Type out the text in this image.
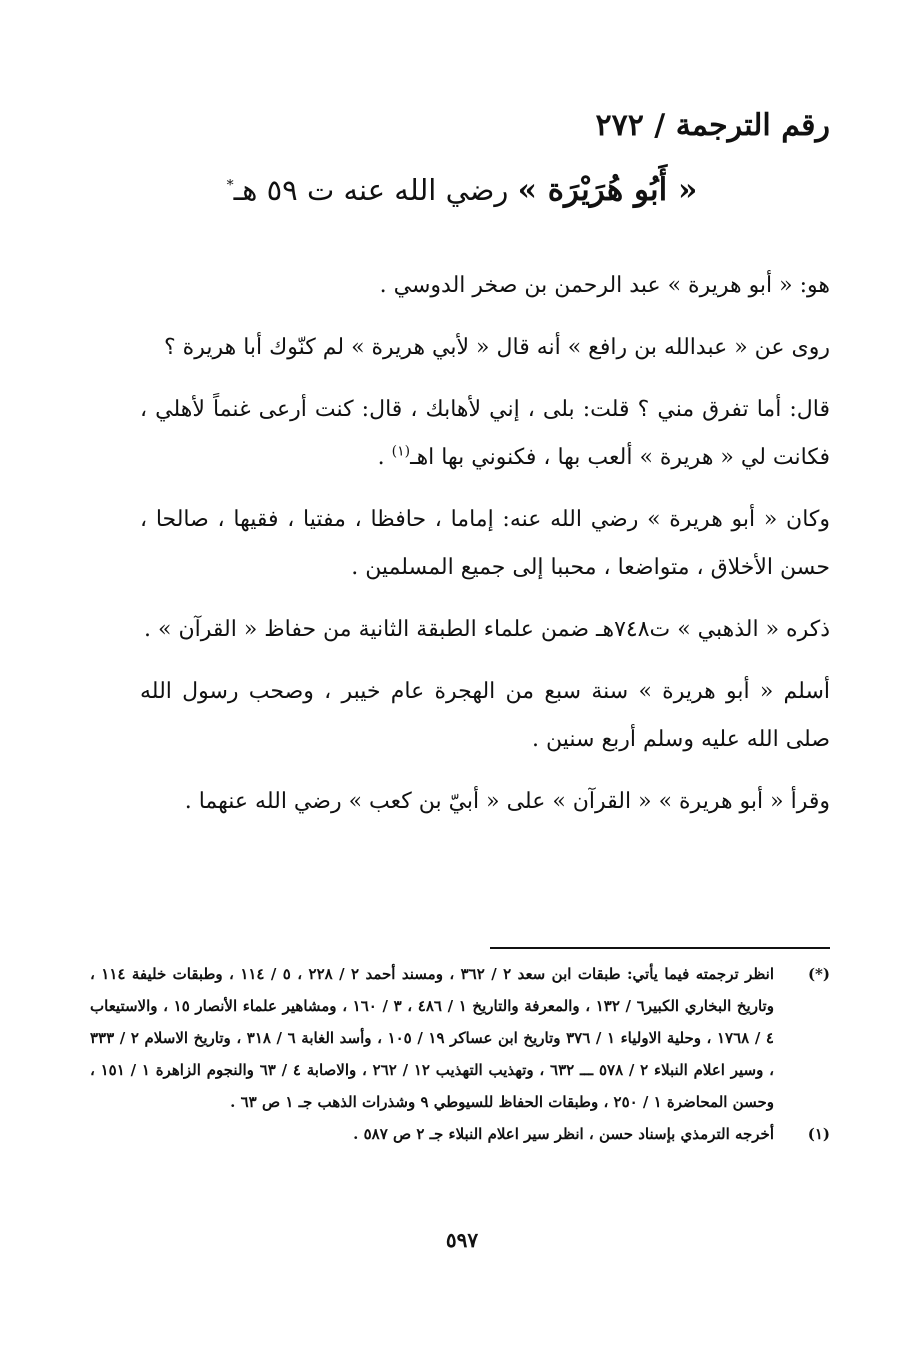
رقم الترجمة / ٢٧٢
« أَبُو هُرَيْرَة » رضي الله عنه ت ٥٩ هـ*

هو: « أبو هريرة » عبد الرحمن بن صخر الدوسي .

روى عن « عبدالله بن رافع » أنه قال « لأبي هريرة » لم كنّوك أبا هريرة ؟

قال: أما تفرق مني ؟ قلت: بلى ، إني لأهابك ، قال: كنت أرعى غنماً لأهلي ، فكانت لي « هريرة » ألعب بها ، فكنوني بها اهـ$^{(١)}$ .

وكان « أبو هريرة » رضي الله عنه: إماما ، حافظا ، مفتيا ، فقيها ، صالحا ، حسن الأخلاق ، متواضعا ، محببا إلى جميع المسلمين .

ذكره « الذهبي » ت٧٤٨هـ ضمن علماء الطبقة الثانية من حفاظ « القرآن » .

أسلم « أبو هريرة » سنة سبع من الهجرة عام خيبر ، وصحب رسول الله صلى الله عليه وسلم أربع سنين .

وقرأ « أبو هريرة » « القرآن » على « أبيّ بن كعب » رضي الله عنهما .

(*)
انظر ترجمته فيما يأتي: طبقات ابن سعد ٢ / ٣٦٢ ، ومسند أحمد ٢ / ٢٢٨ ، ٥ / ١١٤ ، وطبقات خليفة ١١٤ ، وتاريخ البخاري الكبير٦ / ١٣٢ ، والمعرفة والتاريخ ١ / ٤٨٦ ، ٣ / ١٦٠ ، ومشاهير علماء الأنصار ١٥ ، والاستيعاب ٤ / ١٧٦٨ ، وحلية الاولياء ١ / ٣٧٦ وتاريخ ابن عساكر ١٩ / ١٠٥ ، وأسد الغابة ٦ / ٣١٨ ، وتاريخ الاسلام ٢ / ٣٣٣ ، وسير اعلام النبلاء ٢ / ٥٧٨ ـــ ٦٣٢ ، وتهذيب التهذيب ١٢ / ٢٦٢ ، والاصابة ٤ / ٦٣ والنجوم الزاهرة ١ / ١٥١ ، وحسن المحاضرة ١ / ٢٥٠ ، وطبقات الحفاظ للسيوطي ٩ وشذرات الذهب جـ ١ ص ٦٣ .
(١)
أخرجه الترمذي بإسناد حسن ، انظر سير اعلام النبلاء جـ ٢ ص ٥٨٧ .
٥٩٧
